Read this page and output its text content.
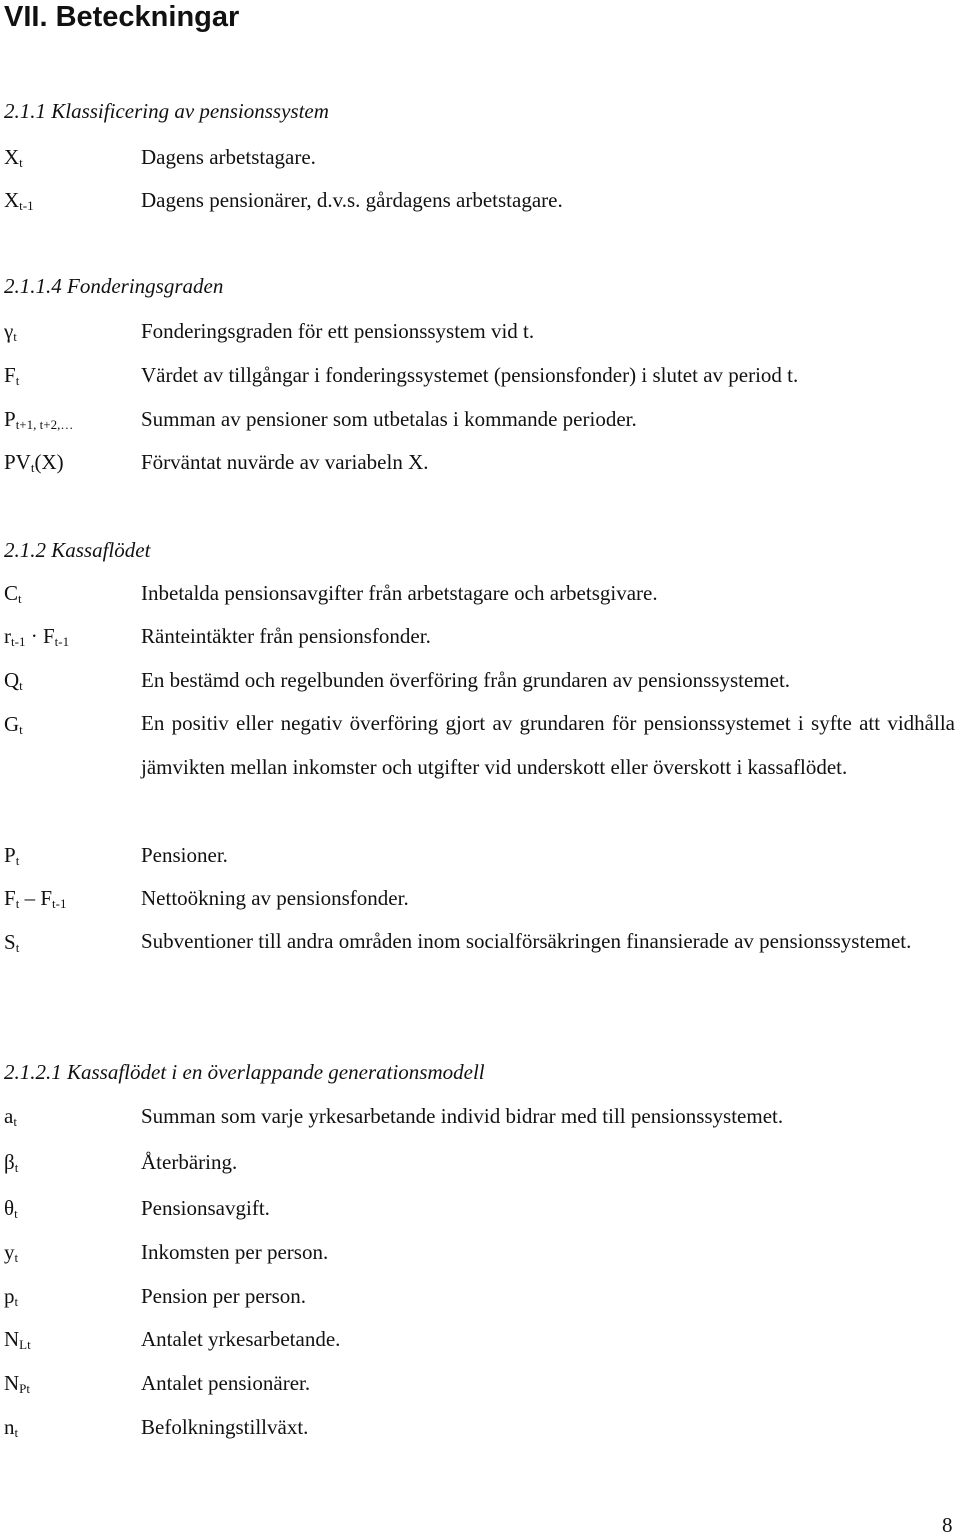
VII. Beteckningar
2.1.1 Klassificering av pensionssystem
$X_t$	Dagens arbetstagare.
$X_{t-1}$	Dagens pensionärer, d.v.s. gårdagens arbetstagare.
2.1.1.4 Fonderingsgraden
$\gamma_t$	Fonderingsgraden för ett pensionssystem vid t.
$F_t$	Värdet av tillgångar i fonderingssystemet (pensionsfonder) i slutet av period t.
$P_{t+1, t+2,\dots}$	Summan av pensioner som utbetalas i kommande perioder.
$PV_t(X)$	Förväntat nuvärde av variabeln X.
2.1.2 Kassaflödet
$C_t$	Inbetalda pensionsavgifter från arbetstagare och arbetsgivare.
$r_{t-1} \cdot F_{t-1}$	Ränteintäkter från pensionsfonder.
$Q_t$	En bestämd och regelbunden överföring från grundaren av pensionssystemet.
$G_t$	En positiv eller negativ överföring gjort av grundaren för pensionssystemet i syfte att vidhålla jämvikten mellan inkomster och utgifter vid underskott eller överskott i kassaflödet.
$P_t$	Pensioner.
$F_t - F_{t-1}$	Nettoökning av pensionsfonder.
$S_t$	Subventioner till andra områden inom socialförsäkringen finansierade av pensionssystemet.
2.1.2.1 Kassaflödet i en överlappande generationsmodell
$a_t$	Summan som varje yrkesarbetande individ bidrar med till pensionssystemet.
$\beta_t$	Återbäring.
$\theta_t$	Pensionsavgift.
$y_t$	Inkomsten per person.
$p_t$	Pension per person.
$N_{Lt}$	Antalet yrkesarbetande.
$N_{Pt}$	Antalet pensionärer.
$n_t$	Befolkningstillväxt.
8
